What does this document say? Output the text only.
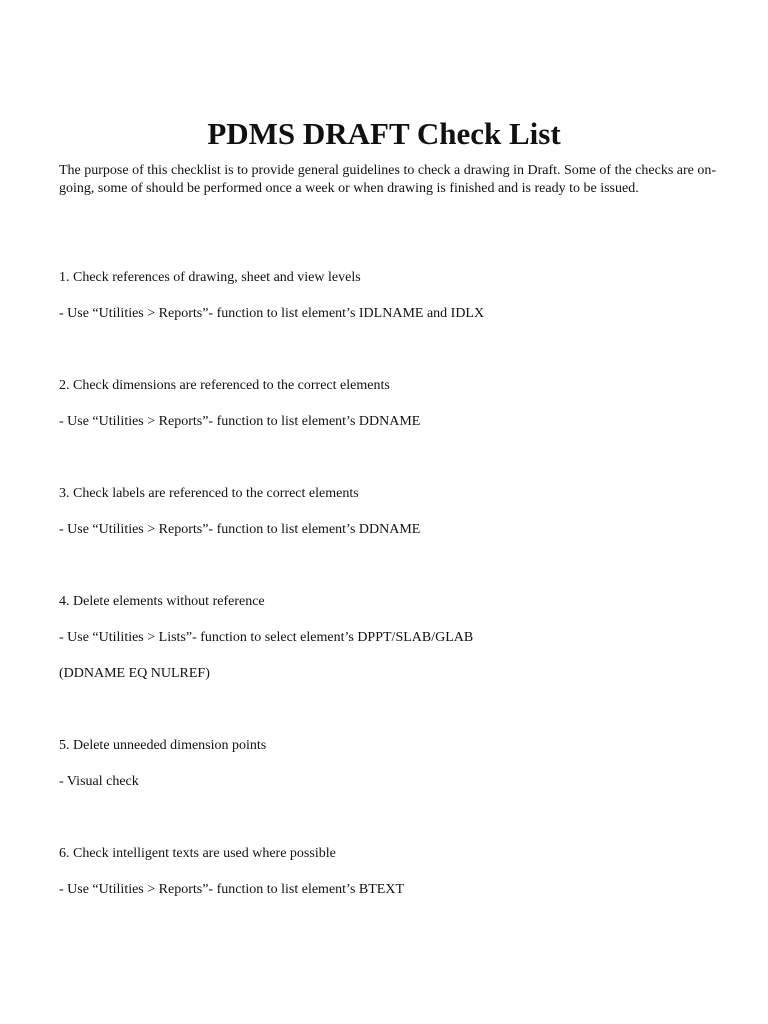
PDMS DRAFT Check List

The purpose of this checklist is to provide general guidelines to check a drawing in Draft. Some of the checks are on-going, some of should be performed once a week or when drawing is finished and is ready to be issued.

1. Check references of drawing, sheet and view levels

- Use “Utilities > Reports”- function to list element’s IDLNAME and IDLX

2. Check dimensions are referenced to the correct elements

- Use “Utilities > Reports”- function to list element’s DDNAME

3. Check labels are referenced to the correct elements

- Use “Utilities > Reports”- function to list element’s DDNAME

4. Delete elements without reference

- Use “Utilities > Lists”- function to select element’s DPPT/SLAB/GLAB

(DDNAME EQ NULREF)

5. Delete unneeded dimension points

- Visual check

6. Check intelligent texts are used where possible

- Use “Utilities > Reports”- function to list element’s BTEXT
